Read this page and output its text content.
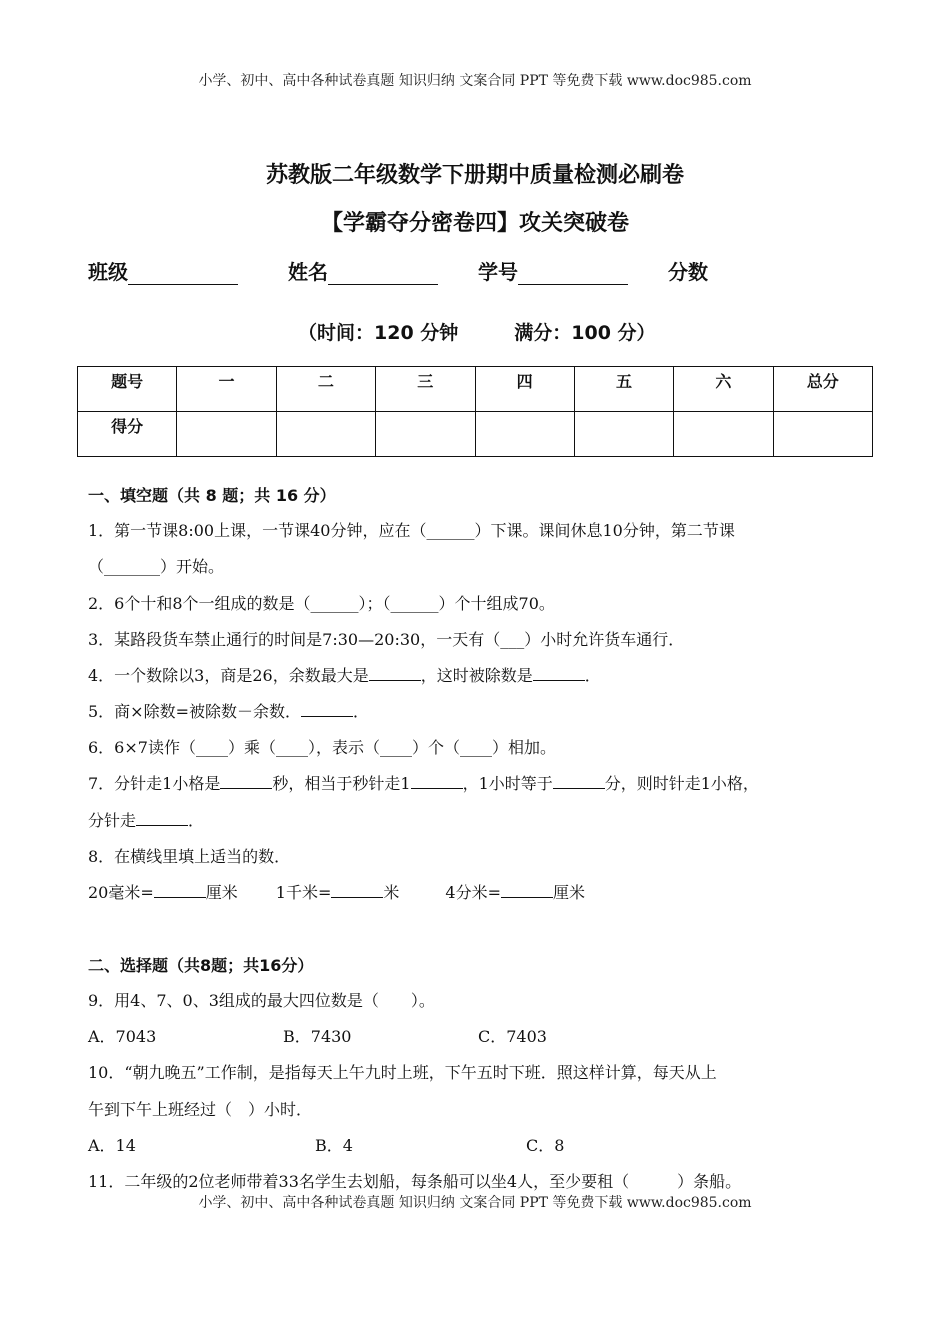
小学、初中、高中各种试卷真题 知识归纳 文案合同 PPT 等免费下载 www.doc985.com
苏教版二年级数学下册期中质量检测必刷卷
【学霸夺分密卷四】攻关突破卷
班级	姓名	学号	分数
（时间：120 分钟	满分：100 分）
题号	一	二	三	四	五	六	总分
得分							
一、填空题（共 8 题；共 16 分）
1．第一节课8:00上课，一节课40分钟，应在（______）下课。课间休息10分钟，第二节课
（_______）开始。
2．6个十和8个一组成的数是（______）；（______）个十组成70。
3．某路段货车禁止通行的时间是7:30—20:30，一天有（___）小时允许货车通行．
4．一个数除以3，商是26，余数最大是	，这时被除数是	．
5．商×除数=被除数－余数．	．
6．6×7读作（____）乘（____），表示（____）个（____）相加。
7．分针走1小格是	秒，相当于秒针走1	，1小时等于	分，则时针走1小格，
分针走	．
8．在横线里填上适当的数．
20毫米=	厘米 1千米=	米	4分米=	厘米
二、选择题（共8题；共16分）
9．用4、7、0、3组成的最大四位数是（　　）。
A．7043	B．7430	C．7403
10．“朝九晚五”工作制，是指每天上午九时上班，下午五时下班．照这样计算，每天从上
午到下午上班经过（　）小时．
A．14	B．4	C．8
11．二年级的2位老师带着33名学生去划船，每条船可以坐4人，至少要租（　　　）条船。
小学、初中、高中各种试卷真题 知识归纳 文案合同 PPT 等免费下载 www.doc985.com
